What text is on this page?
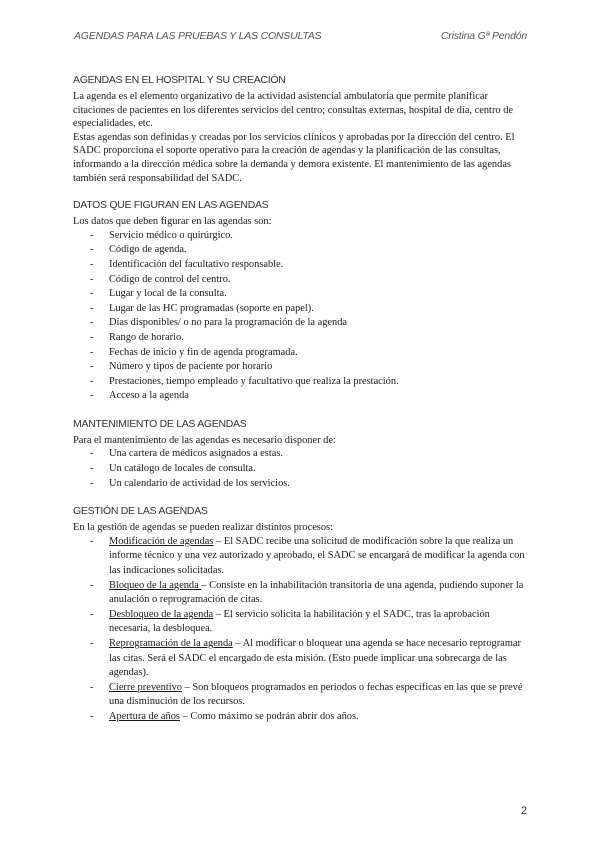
AGENDAS PARA LAS PRUEBAS Y LAS CONSULTAS	Cristina Gª Pendón
AGENDAS EN EL HOSPITAL Y SU CREACIÓN

La agenda es el elemento organizativo de la actividad asistencial ambulatoria que permite planificar citaciones de pacientes en los diferentes servicios del centro; consultas externas, hospital de día, centro de especialidades, etc.

Estas agendas son definidas y creadas por los servicios clínicos y aprobadas por la dirección del centro. El SADC proporciona el soporte operativo para la creación de agendas y la planificación de las consultas, informando a la dirección médica sobre la demanda y demora existente. El mantenimiento de las agendas también será responsabilidad del SADC.

DATOS QUE FIGURAN EN LAS AGENDAS

Los datos que deben figurar en las agendas son:

- Servicio médico o quirúrgico.
- Código de agenda.
- Identificación del facultativo responsable.
- Código de control del centro.
- Lugar y local de la consulta.
- Lugar de las HC programadas (soporte en papel).
- Días disponibles/ o no para la programación de la agenda
- Rango de horario.
- Fechas de inicio y fin de agenda programada.
- Número y tipos de paciente por horario
- Prestaciones, tiempo empleado y facultativo que realiza la prestación.
- Acceso a la agenda
MANTENIMIENTO DE LAS AGENDAS

Para el mantenimiento de las agendas es necesario disponer de:

- Una cartera de médicos asignados a estas.
- Un catálogo de locales de consulta.
- Un calendario de actividad de los servicios.
GESTIÓN DE LAS AGENDAS

En la gestión de agendas se pueden realizar distintos procesos:

- Modificación de agendas – El SADC recibe una solicitud de modificación sobre la que realiza un informe técnico y una vez autorizado y aprobado, el SADC se encargará de modificar la agenda con las indicaciones solicitadas.
- Bloqueo de la agenda – Consiste en la inhabilitación transitoria de una agenda, pudiendo suponer la anulación o reprogramación de citas.
- Desbloqueo de la agenda – El servicio solicita la habilitación y el SADC, tras la aprobación necesaria, la desbloquea.
- Reprogramación de la agenda – Al modificar o bloquear una agenda se hace necesario reprogramar las citas. Será el SADC el encargado de esta misión. (Esto puede implicar una sobrecarga de las agendas).
- Cierre preventivo – Son bloqueos programados en periodos o fechas específicas en las que se prevé una disminución de los recursos.
- Apertura de años – Como máximo se podrán abrir dos años.
2
